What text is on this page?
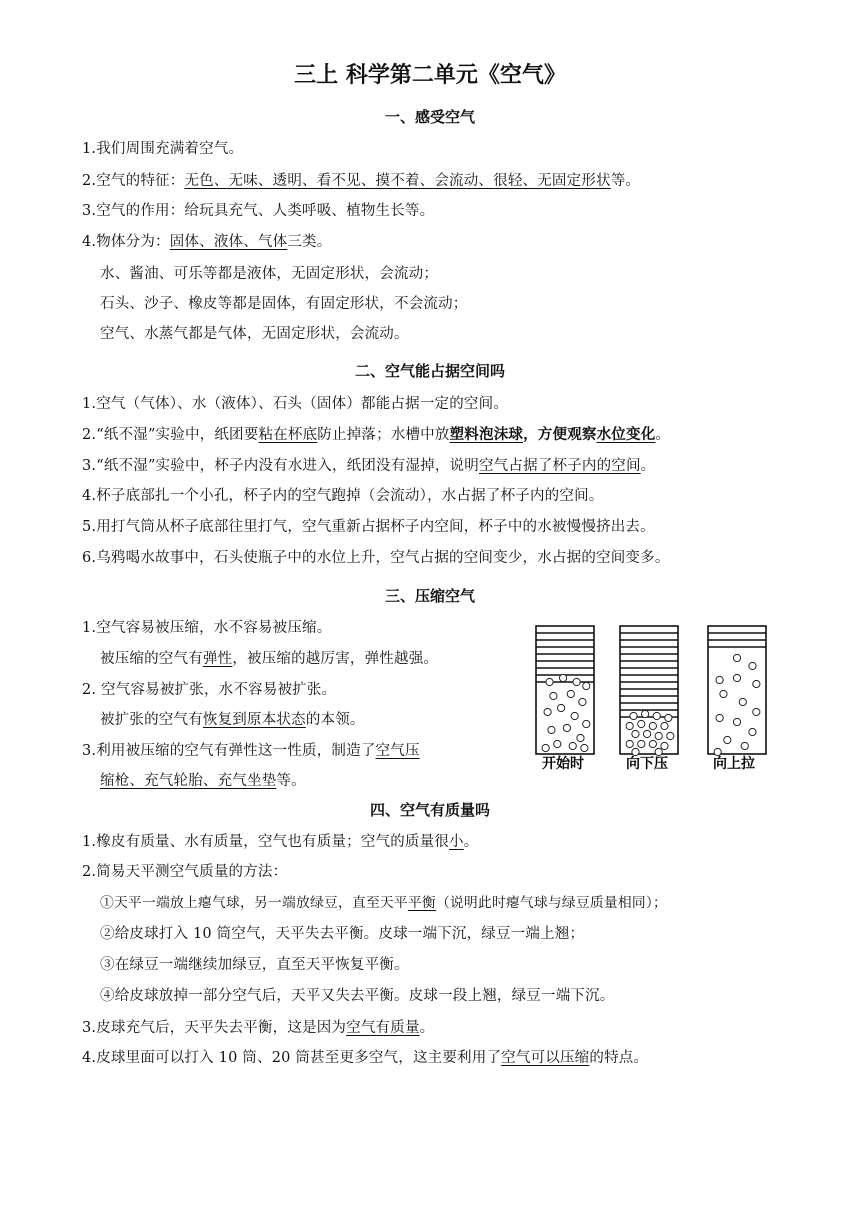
三上 科学第二单元《空气》
一、感受空气
1.我们周围充满着空气。
2.空气的特征：无色、无味、透明、看不见、摸不着、会流动、很轻、无固定形状等。
3.空气的作用：给玩具充气、人类呼吸、植物生长等。
4.物体分为：固体、液体、气体三类。
水、酱油、可乐等都是液体，无固定形状，会流动；
石头、沙子、橡皮等都是固体，有固定形状，不会流动；
空气、水蒸气都是气体，无固定形状，会流动。
二、空气能占据空间吗
1.空气（气体）、水（液体）、石头（固体）都能占据一定的空间。
2.“纸不湿”实验中，纸团要粘在杯底防止掉落；水槽中放塑料泡沫球，方便观察水位变化。
3.“纸不湿”实验中，杯子内没有水进入，纸团没有湿掉，说明空气占据了杯子内的空间。
4.杯子底部扎一个小孔，杯子内的空气跑掉（会流动），水占据了杯子内的空间。
5.用打气筒从杯子底部往里打气，空气重新占据杯子内空间，杯子中的水被慢慢挤出去。
6.乌鸦喝水故事中，石头使瓶子中的水位上升，空气占据的空间变少，水占据的空间变多。
三、压缩空气
1.空气容易被压缩，水不容易被压缩。
被压缩的空气有弹性，被压缩的越厉害，弹性越强。
2. 空气容易被扩张，水不容易被扩张。
被扩张的空气有恢复到原本状态的本领。
3.利用被压缩的空气有弹性这一性质，制造了空气压
缩枪、充气轮胎、充气坐垫等。
四、空气有质量吗
1.橡皮有质量、水有质量，空气也有质量；空气的质量很小。
2.简易天平测空气质量的方法：
①天平一端放上瘪气球，另一端放绿豆，直至天平平衡（说明此时瘪气球与绿豆质量相同）；
②给皮球打入 10 筒空气，天平失去平衡。皮球一端下沉，绿豆一端上翘；
③在绿豆一端继续加绿豆，直至天平恢复平衡。
④给皮球放掉一部分空气后，天平又失去平衡。皮球一段上翘，绿豆一端下沉。
3.皮球充气后，天平失去平衡，这是因为空气有质量。
4.皮球里面可以打入 10 筒、20 筒甚至更多空气，这主要利用了空气可以压缩的特点。
开始时	向下压	向上拉
